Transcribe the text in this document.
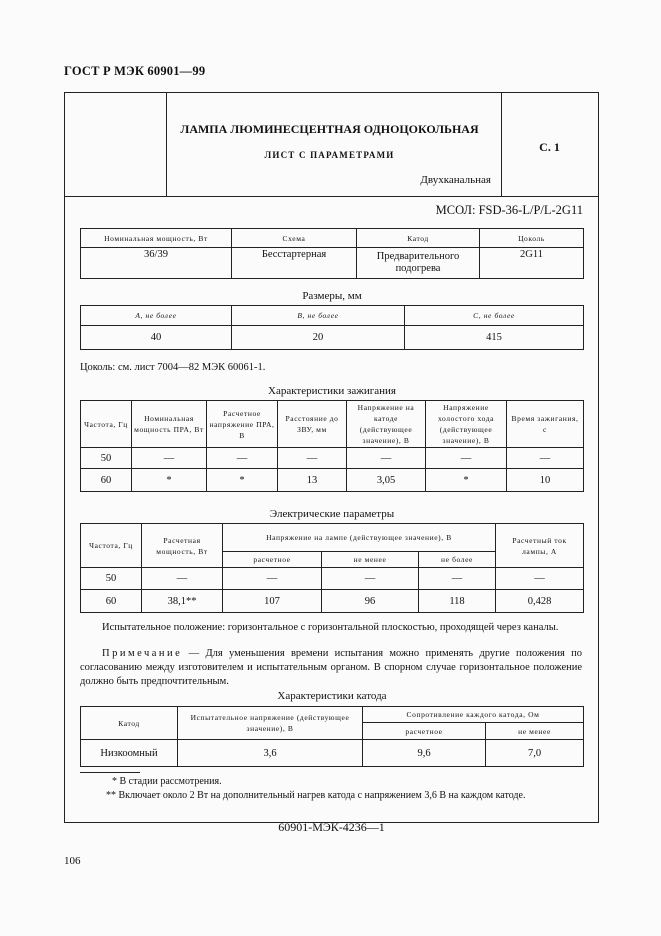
ГОСТ Р МЭК 60901—99
ЛАМПА ЛЮМИНЕСЦЕНТНАЯ ОДНОЦОКОЛЬНАЯ
ЛИСТ С ПАРАМЕТРАМИ
Двухканальная
С. 1
МСОЛ: FSD-36-L/P/L-2G11
Номинальная мощность, Вт	Схема	Катод	Цоколь
36/39	Бесстартерная	Предварительного подогрева	2G11
Размеры, мм
A, не более	B, не более	C, не более
40	20	415
Цоколь: см. лист 7004—82 МЭК 60061-1.
Характеристики зажигания
Частота, Гц	Номинальная мощность ПРА, Вт	Расчетное напряжение ПРА, В	Расстояние до ЗВУ, мм	Напряжение на катоде (действующее значение), В	Напряжение холостого хода (действующее значение), В	Время зажигания, с
50	—	—	—	—	—	—
60	*	*	13	3,05	*	10
Электрические параметры
Частота, Гц	Расчетная мощность, Вт	Напряжение на лампе (действующее значение), В			Расчетный ток лампы, А
		расчетное	не менее	не более	
50	—	—	—	—	—
60	38,1**	107	96	118	0,428
Испытательное положение: горизонтальное с горизонтальной плоскостью, проходящей через каналы.
Примечание — Для уменьшения времени испытания можно применять другие положения по согласованию между изготовителем и испытательным органом. В спорном случае горизонтальное положение должно быть предпочтительным.
Характеристики катода
Катод	Испытательное напряжение (действующее значение), В	Сопротивление каждого катода, Ом	
		расчетное	не менее
Низкоомный	3,6	9,6	7,0
* В стадии рассмотрения.
** Включает около 2 Вт на дополнительный нагрев катода с напряжением 3,6 В на каждом катоде.
60901-МЭК-4236—1
106
